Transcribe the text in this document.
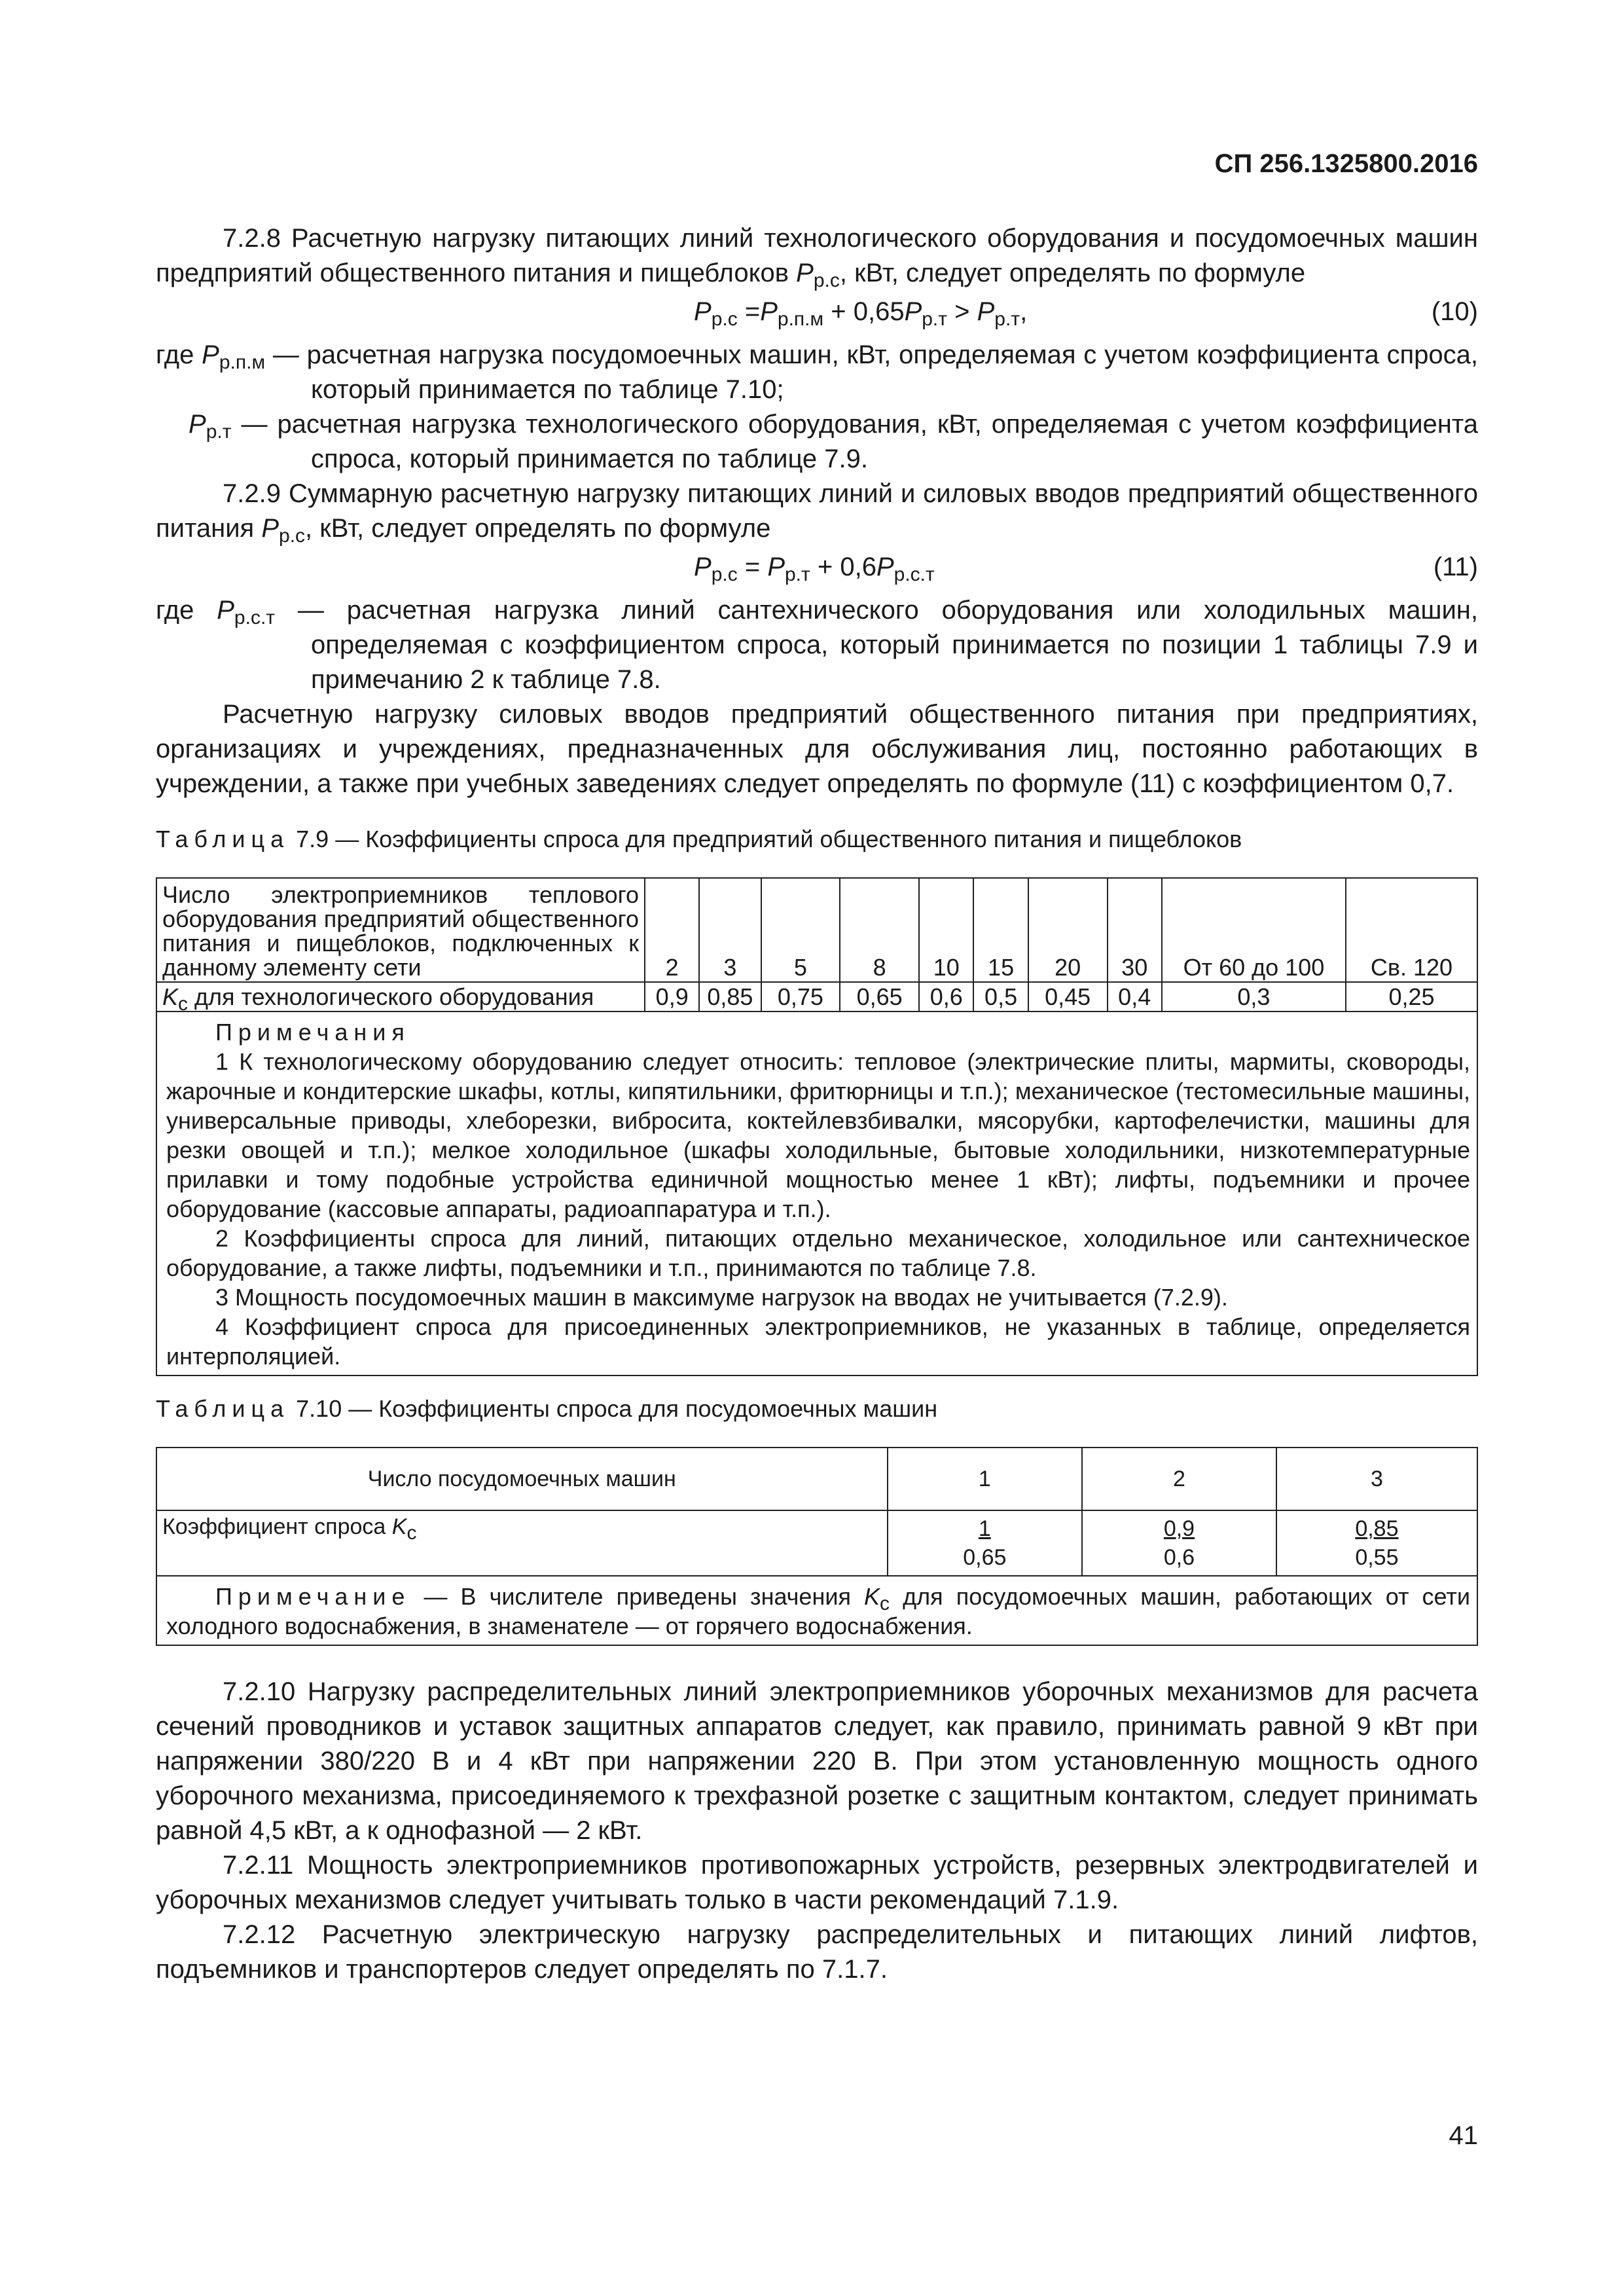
СП 256.1325800.2016

7.2.8 Расчетную нагрузку питающих линий технологического оборудования и посудомоечных машин предприятий общественного питания и пищеблоков $P_{р.с}$, кВт, следует определять по формуле

$P_{р.с} =P_{р.п.м} + 0,65P_{р.т} > P_{р.т}$,	(10)

где $P_{р.п.м}$ — расчетная нагрузка посудомоечных машин, кВт, определяемая с учетом коэффициента спроса, который принимается по таблице 7.10;

$P_{р.т}$ — расчетная нагрузка технологического оборудования, кВт, определяемая с учетом коэффициента спроса, который принимается по таблице 7.9.

7.2.9 Суммарную расчетную нагрузку питающих линий и силовых вводов предприятий общественного питания $P_{р.с}$, кВт, следует определять по формуле

$P_{р.с} = P_{р.т} + 0,6P_{р.с.т}$	(11)

где $P_{р.с.т}$ — расчетная нагрузка линий сантехнического оборудования или холодильных машин, определяемая с коэффициентом спроса, который принимается по позиции 1 таблицы 7.9 и примечанию 2 к таблице 7.8.

Расчетную нагрузку силовых вводов предприятий общественного питания при предприятиях, организациях и учреждениях, предназначенных для обслуживания лиц, постоянно работающих в учреждении, а также при учебных заведениях следует определять по формуле (11) с коэффициентом 0,7.

Таблица 7.9 — Коэффициенты спроса для предприятий общественного питания и пищеблоков
Число электроприемников теплового оборудования предприятий общественного питания и пищеблоков, подключенных к данному элементу сети	2	3	5	8	10	15	20	30	От 60 до 100	Св. 120
$K_с$ для технологического оборудования	0,9	0,85	0,75	0,65	0,6	0,5	0,45	0,4	0,3	0,25

Примечания

1 К технологическому оборудованию следует относить: тепловое (электрические плиты, мармиты, сковороды, жарочные и кондитерские шкафы, котлы, кипятильники, фритюрницы и т.п.); механическое (тестомесильные машины, универсальные приводы, хлеборезки, вибросита, коктейлевзбивалки, мясорубки, картофелечистки, машины для резки овощей и т.п.); мелкое холодильное (шкафы холодильные, бытовые холодильники, низкотемпературные прилавки и тому подобные устройства единичной мощностью менее 1 кВт); лифты, подъемники и прочее оборудование (кассовые аппараты, радиоаппаратура и т.п.).

2 Коэффициенты спроса для линий, питающих отдельно механическое, холодильное или сантехническое оборудование, а также лифты, подъемники и т.п., принимаются по таблице 7.8.

3 Мощность посудомоечных машин в максимуме нагрузок на вводах не учитывается (7.2.9).

4 Коэффициент спроса для присоединенных электроприемников, не указанных в таблице, определяется интерполяцией.										

Таблица 7.10 — Коэффициенты спроса для посудомоечных машин
Число посудомоечных машин	1	2	3
Коэффициент спроса $K_с$	$\frac{1}{0,65}$	$\frac{0,9}{0,6}$	$\frac{0,85}{0,55}$

Примечание — В числителе приведены значения $K_с$ для посудомоечных машин, работающих от сети холодного водоснабжения, в знаменателе — от горячего водоснабжения.			

7.2.10 Нагрузку распределительных линий электроприемников уборочных механизмов для расчета сечений проводников и уставок защитных аппаратов следует, как правило, принимать равной 9 кВт при напряжении 380/220 В и 4 кВт при напряжении 220 В. При этом установленную мощность одного уборочного механизма, присоединяемого к трехфазной розетке с защитным контактом, следует принимать равной 4,5 кВт, а к однофазной — 2 кВт.

7.2.11 Мощность электроприемников противопожарных устройств, резервных электродвигателей и уборочных механизмов следует учитывать только в части рекомендаций 7.1.9.

7.2.12 Расчетную электрическую нагрузку распределительных и питающих линий лифтов, подъемников и транспортеров следует определять по 7.1.7.

41
